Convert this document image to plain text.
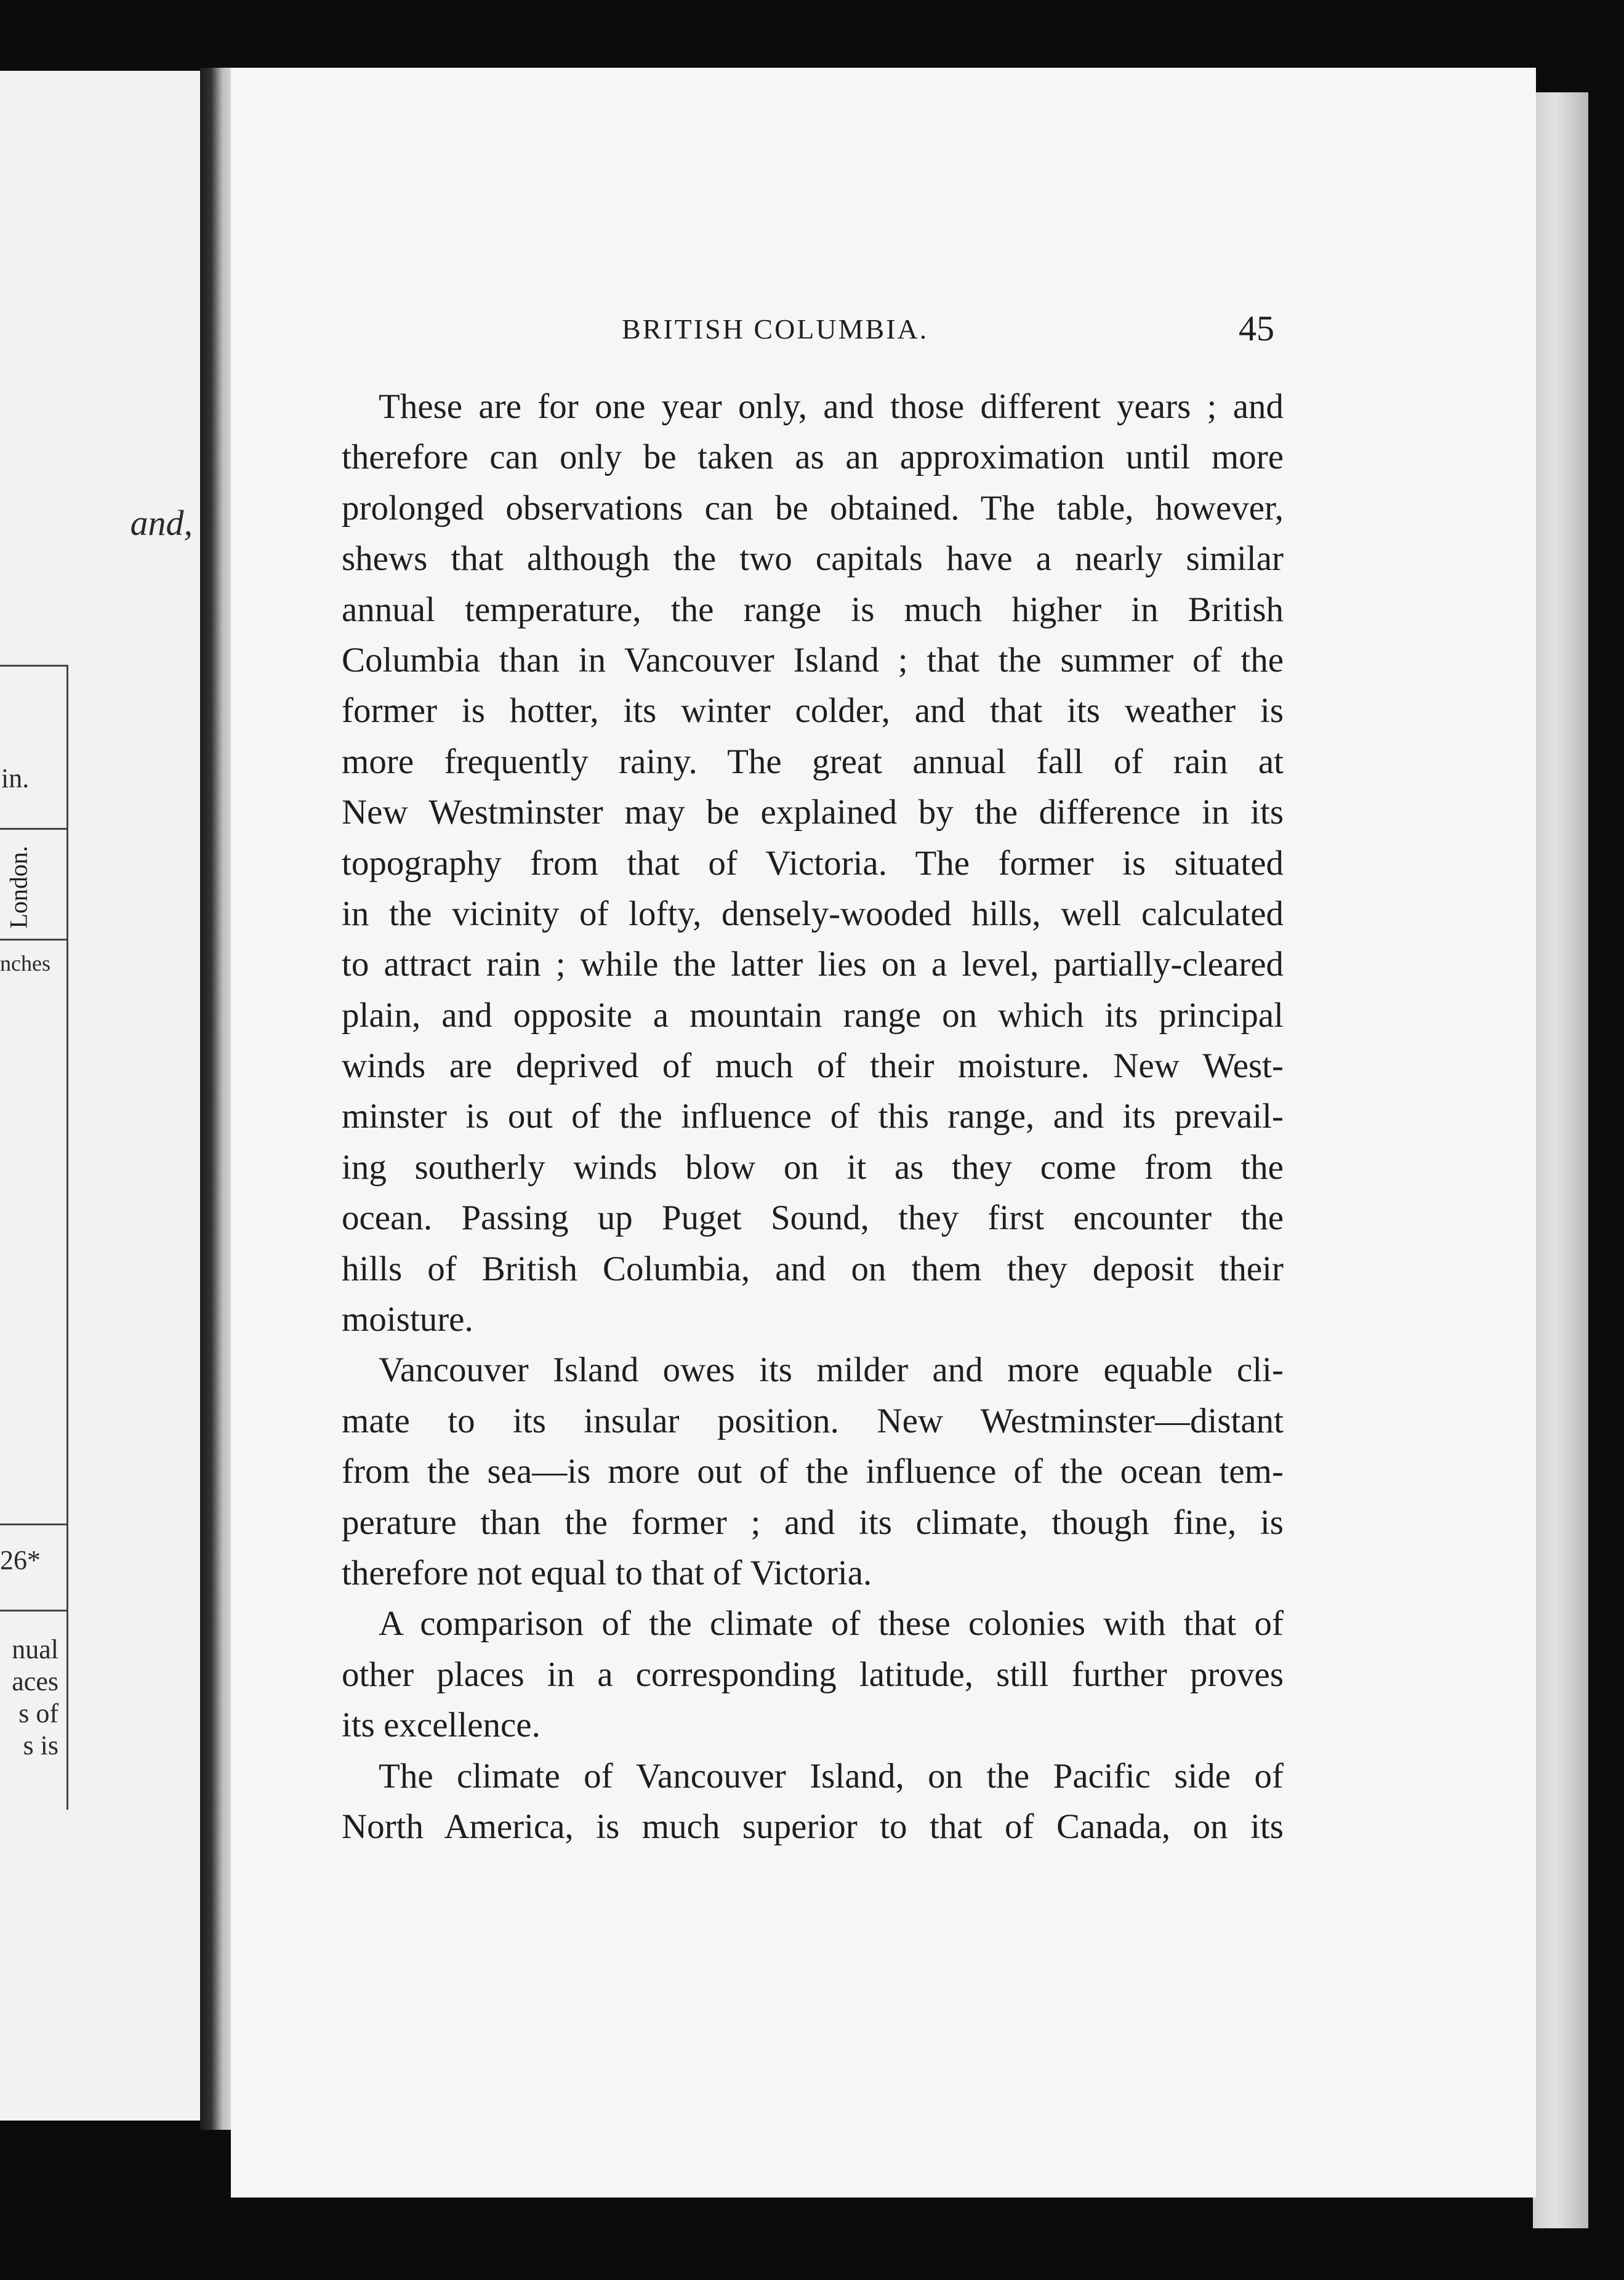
and,
in.
London.
nches
26*
nual
aces
s of
s is
BRITISH COLUMBIA.	45
These are for one year only, and those different years ; and
therefore can only be taken as an approximation until more
prolonged observations can be obtained. The table, however,
shews that although the two capitals have a nearly similar
annual temperature, the range is much higher in British
Columbia than in Vancouver Island ; that the summer of the
former is hotter, its winter colder, and that its weather is
more frequently rainy. The great annual fall of rain at
New Westminster may be explained by the difference in its
topography from that of Victoria. The former is situated
in the vicinity of lofty, densely-wooded hills, well calculated
to attract rain ; while the latter lies on a level, partially-cleared
plain, and opposite a mountain range on which its principal
winds are deprived of much of their moisture. New West-
minster is out of the influence of this range, and its prevail-
ing southerly winds blow on it as they come from the
ocean. Passing up Puget Sound, they first encounter the
hills of British Columbia, and on them they deposit their
moisture.
Vancouver Island owes its milder and more equable cli-
mate to its insular position. New Westminster—distant
from the sea—is more out of the influence of the ocean tem-
perature than the former ; and its climate, though fine, is
therefore not equal to that of Victoria.
A comparison of the climate of these colonies with that of
other places in a corresponding latitude, still further proves
its excellence.
The climate of Vancouver Island, on the Pacific side of
North America, is much superior to that of Canada, on its
